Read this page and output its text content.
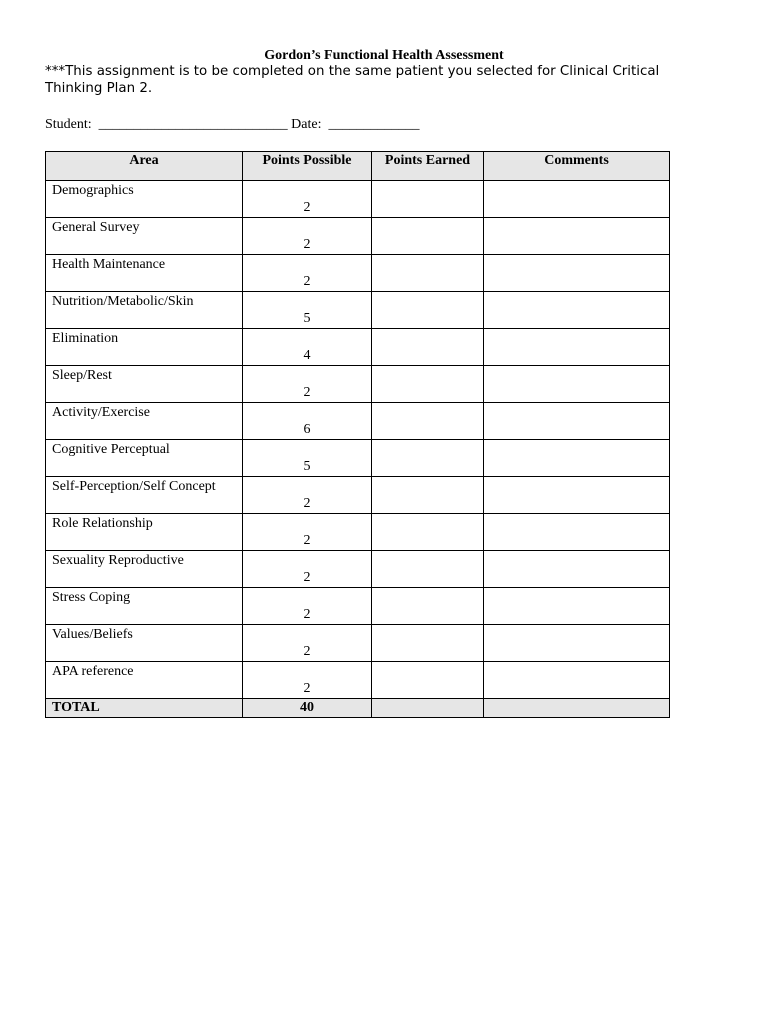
Gordon’s Functional Health Assessment
***This assignment is to be completed on the same patient you selected for Clinical Critical Thinking Plan 2.
Student:  ___________________________ Date:  _____________
Area	Points Possible	Points Earned	Comments
Demographics	2		
General Survey	2		
Health Maintenance	2		
Nutrition/Metabolic/Skin	5		
Elimination	4		
Sleep/Rest	2		
Activity/Exercise	6		
Cognitive Perceptual	5		
Self-Perception/Self Concept	2		
Role Relationship	2		
Sexuality Reproductive	2		
Stress Coping	2		
Values/Beliefs	2		
APA reference	2		
TOTAL	40		
